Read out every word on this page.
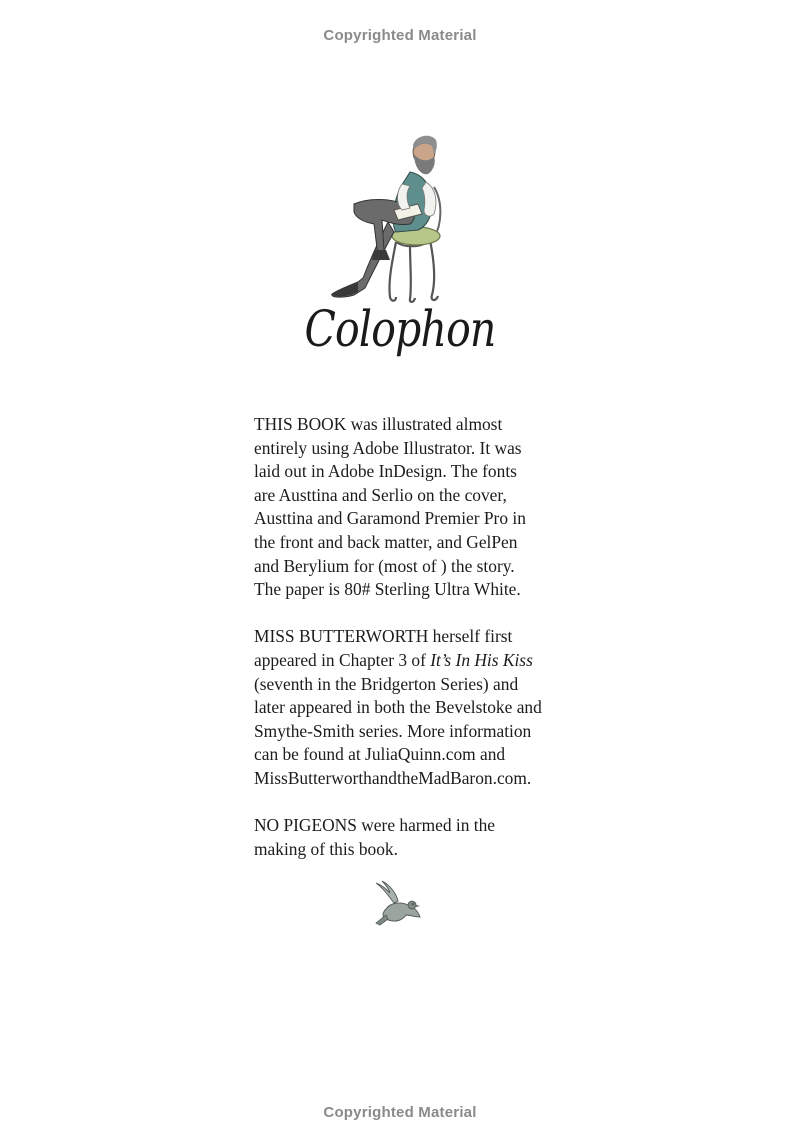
Copyrighted Material
Colophon

THIS BOOK was illustrated almost
entirely using Adobe Illustrator. It was
laid out in Adobe InDesign. The fonts
are Austtina and Serlio on the cover,
Austtina and Garamond Premier Pro in
the front and back matter, and GelPen
and Berylium for (most of ) the story.
The paper is 80# Sterling Ultra White.

MISS BUTTERWORTH herself first
appeared in Chapter 3 of It’s In His Kiss
(seventh in the Bridgerton Series) and
later appeared in both the Bevelstoke and
Smythe-Smith series. More information
can be found at JuliaQuinn.com and
MissButterworthandtheMadBaron.com.

NO PIGEONS were harmed in the
making of this book.

Copyrighted Material
